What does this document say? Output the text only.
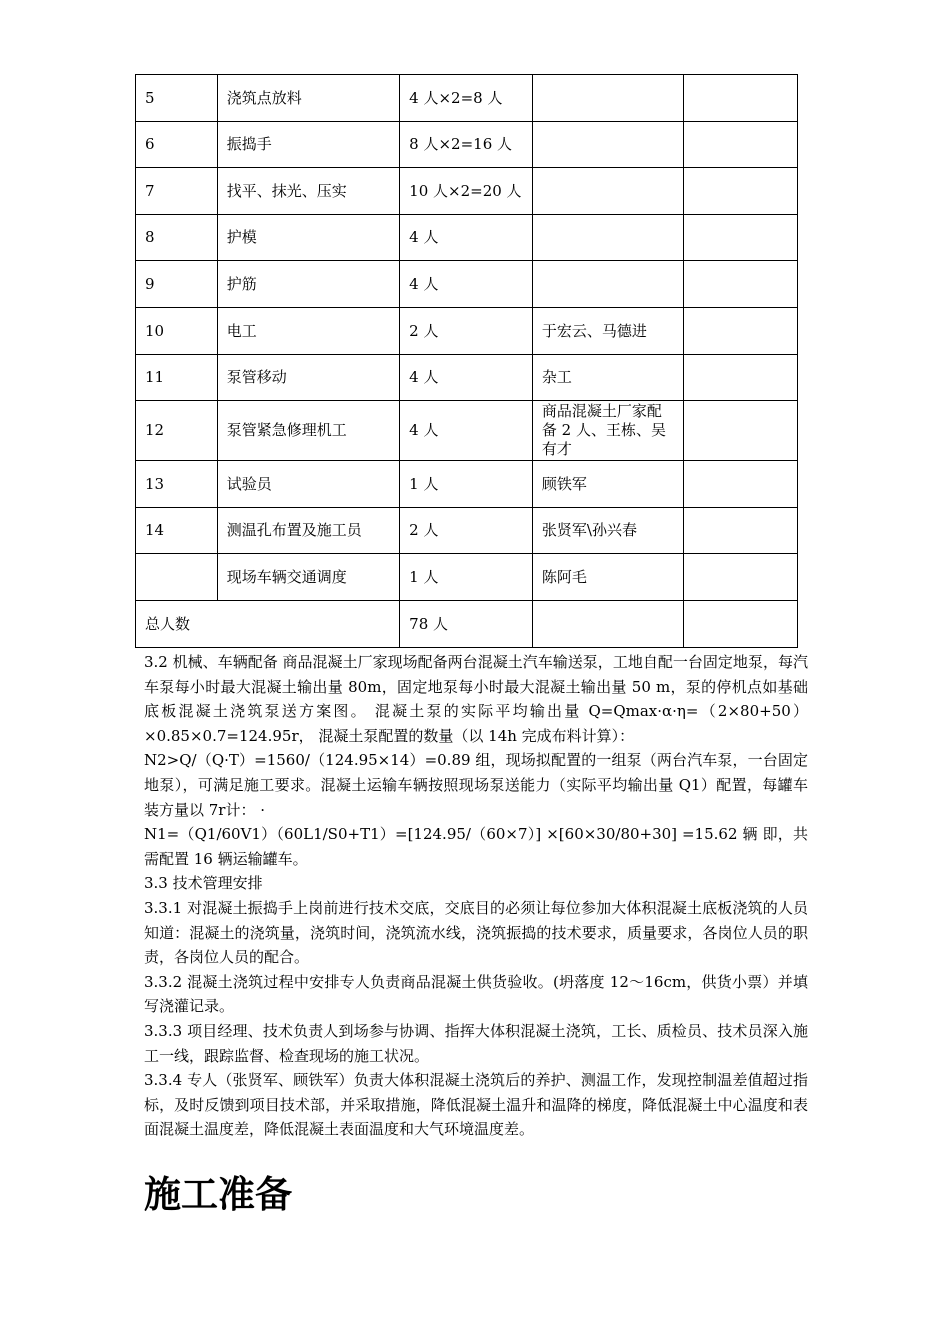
5	浇筑点放料	4 人×2=8 人		
6	振捣手	8 人×2=16 人		
7	找平、抹光、压实	10 人×2=20 人		
8	护模	4 人		
9	护筋	4 人		
10	电工	2 人	于宏云、马德进	
11	泵管移动	4 人	杂工	
12	泵管紧急修理机工	4 人	商品混凝土厂家配备 2 人、王栋、吴有才	
13	试验员	1 人	顾铁军	
14	测温孔布置及施工员	2 人	张贤军\孙兴春	
	现场车辆交通调度	1 人	陈阿毛	
总人数		78 人		

3.2 机械、车辆配备 商品混凝土厂家现场配备两台混凝土汽车输送泵，工地自配一台固定地泵，每汽车泵每小时最大混凝土输出量 80m，固定地泵每小时最大混凝土输出量 50 m，泵的停机点如基础底板混凝土浇筑泵送方案图。 混凝土泵的实际平均输出量 Q=Qmax·α·η=（2×80+50）×0.85×0.7=124.95r， 混凝土泵配置的数量（以 14h 完成布料计算）：

N2>Q/（Q·T）=1560/（124.95×14）=0.89 组，现场拟配置的一组泵（两台汽车泵，一台固定地泵），可满足施工要求。混凝土运输车辆按照现场泵送能力（实际平均输出量 Q1）配置，每罐车装方量以 7r计： ·

N1=（Q1/60V1）（60L1/S0+T1）=[124.95/（60×7）] ×[60×30/80+30] =15.62 辆 即，共需配置 16 辆运输罐车。

3.3 技术管理安排

3.3.1 对混凝土振捣手上岗前进行技术交底，交底目的必须让每位参加大体积混凝土底板浇筑的人员知道：混凝土的浇筑量，浇筑时间，浇筑流水线，浇筑振捣的技术要求，质量要求，各岗位人员的职责，各岗位人员的配合。

3.3.2 混凝土浇筑过程中安排专人负责商品混凝土供货验收。(坍落度 12～16cm，供货小票）并填写浇灌记录。

3.3.3 项目经理、技术负责人到场参与协调、指挥大体积混凝土浇筑，工长、质检员、技术员深入施工一线，跟踪监督、检查现场的施工状况。

3.3.4 专人（张贤军、顾铁军）负责大体积混凝土浇筑后的养护、测温工作，发现控制温差值超过指标，及时反馈到项目技术部，并采取措施，降低混凝土温升和温降的梯度，降低混凝土中心温度和表面混凝土温度差，降低混凝土表面温度和大气环境温度差。

施工准备
